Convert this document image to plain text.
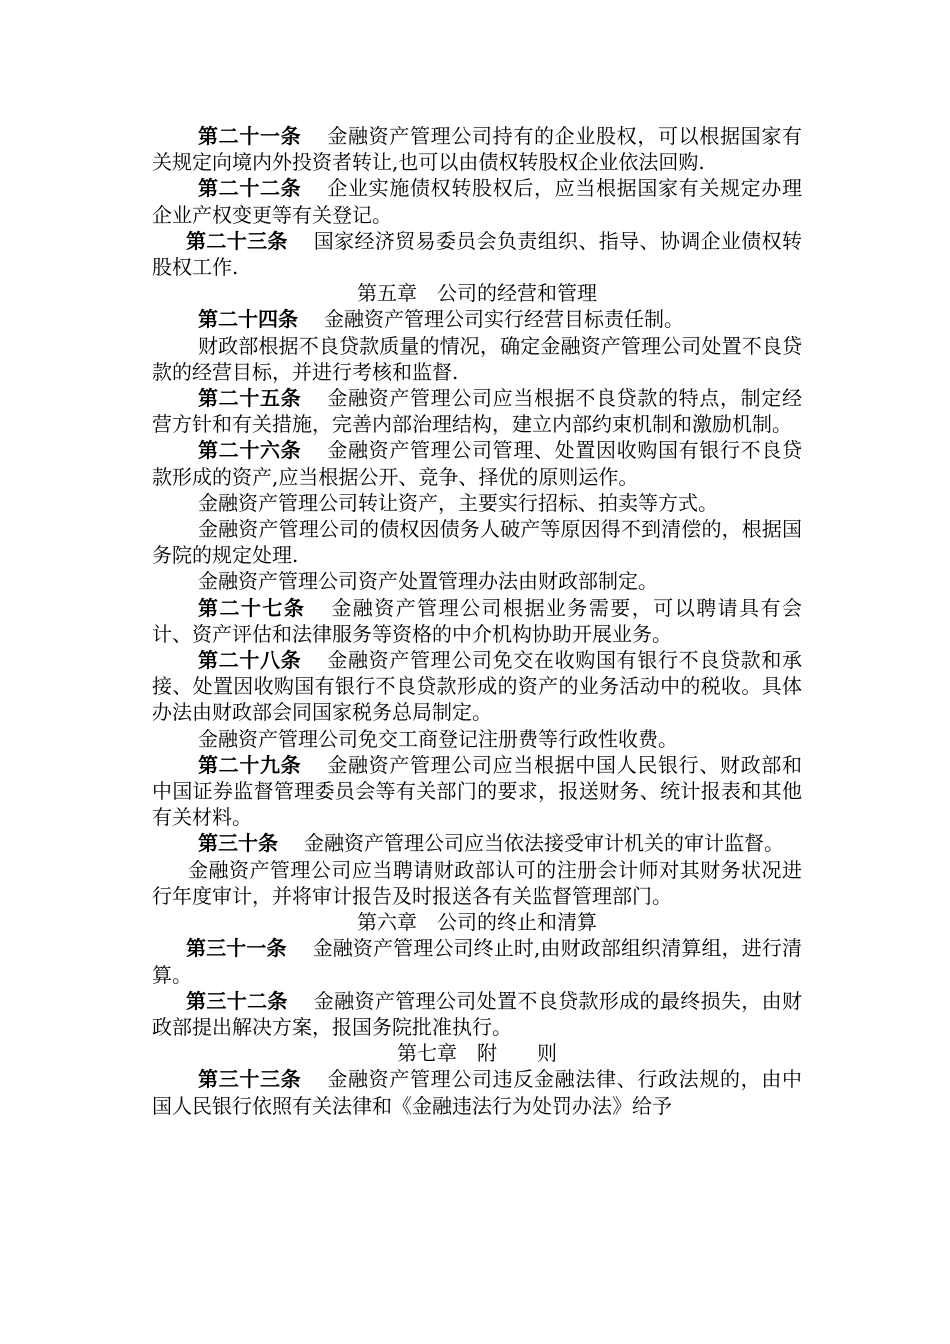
第二十一条 金融资产管理公司持有的企业股权，可以根据国家有关规定向境内外投资者转让,也可以由债权转股权企业依法回购.

第二十二条 企业实施债权转股权后，应当根据国家有关规定办理企业产权变更等有关登记。

第二十三条 国家经济贸易委员会负责组织、指导、协调企业债权转股权工作.

第五章　公司的经营和管理

第二十四条 金融资产管理公司实行经营目标责任制。

财政部根据不良贷款质量的情况，确定金融资产管理公司处置不良贷款的经营目标，并进行考核和监督.

第二十五条 金融资产管理公司应当根据不良贷款的特点，制定经营方针和有关措施，完善内部治理结构，建立内部约束机制和激励机制。

第二十六条 金融资产管理公司管理、处置因收购国有银行不良贷款形成的资产,应当根据公开、竞争、择优的原则运作。

金融资产管理公司转让资产，主要实行招标、拍卖等方式。

金融资产管理公司的债权因债务人破产等原因得不到清偿的，根据国务院的规定处理.

金融资产管理公司资产处置管理办法由财政部制定。

第二十七条 金融资产管理公司根据业务需要，可以聘请具有会计、资产评估和法律服务等资格的中介机构协助开展业务。

第二十八条 金融资产管理公司免交在收购国有银行不良贷款和承接、处置因收购国有银行不良贷款形成的资产的业务活动中的税收。具体办法由财政部会同国家税务总局制定。

金融资产管理公司免交工商登记注册费等行政性收费。

第二十九条 金融资产管理公司应当根据中国人民银行、财政部和中国证券监督管理委员会等有关部门的要求，报送财务、统计报表和其他有关材料。

第三十条 金融资产管理公司应当依法接受审计机关的审计监督。

金融资产管理公司应当聘请财政部认可的注册会计师对其财务状况进行年度审计，并将审计报告及时报送各有关监督管理部门。

第六章　公司的终止和清算

第三十一条 金融资产管理公司终止时,由财政部组织清算组，进行清算。

第三十二条 金融资产管理公司处置不良贷款形成的最终损失，由财政部提出解决方案，报国务院批准执行。

第七章　附　　则

第三十三条 金融资产管理公司违反金融法律、行政法规的，由中国人民银行依照有关法律和《金融违法行为处罚办法》给予
